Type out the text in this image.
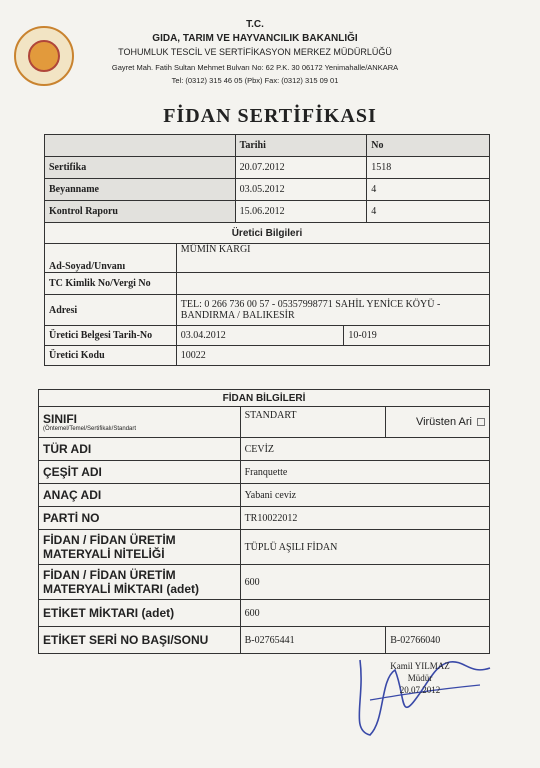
T.C.
GIDA, TARIM VE HAYVANCILIK BAKANLIĞI
TOHUMLUK TESCİL VE SERTİFİKASYON MERKEZ MÜDÜRLÜĞÜ
Gayret Mah. Fatih Sultan Mehmet Bulvarı No: 62 P.K. 30 06172 Yenimahalle/ANKARA
Tel: (0312) 315 46 05 (Pbx) Fax: (0312) 315 09 01
FİDAN SERTİFİKASI
	Tarihi	No
Sertifika	20.07.2012	1518
Beyanname	03.05.2012	4
Kontrol Raporu	15.06.2012	4
Üretici Bilgileri		
Ad-Soyad/Unvanı	MÜMİN KARGI	
TC Kimlik No/Vergi No		
Adresi	TEL: 0 266 736 00 57 - 05357998771 SAHİL YENİCE KÖYÜ - BANDIRMA / BALIKESİR	
Üretici Belgesi Tarih-No	03.04.2012	10-019
Üretici Kodu	10022	
FİDAN BİLGİLERİ		
SINIFI
(Öntemel/Temel/Sertifikalı/Standart	STANDART	Virüsten Ari
TÜR ADI	CEVİZ	
ÇEŞİT ADI	Franquette	
ANAÇ ADI	Yabani ceviz	
PARTİ NO	TR10022012	
FİDAN / FİDAN ÜRETİM
MATERYALİ NİTELİĞİ	TÜPLÜ AŞILI FİDAN	
FİDAN / FİDAN ÜRETİM
MATERYALİ MİKTARI (adet)	600	
ETİKET MİKTARI (adet)	600	
ETİKET SERİ NO BAŞI/SONU	B-02765441	B-02766040
Kamil YILMAZ
Müdür
20.07.2012
